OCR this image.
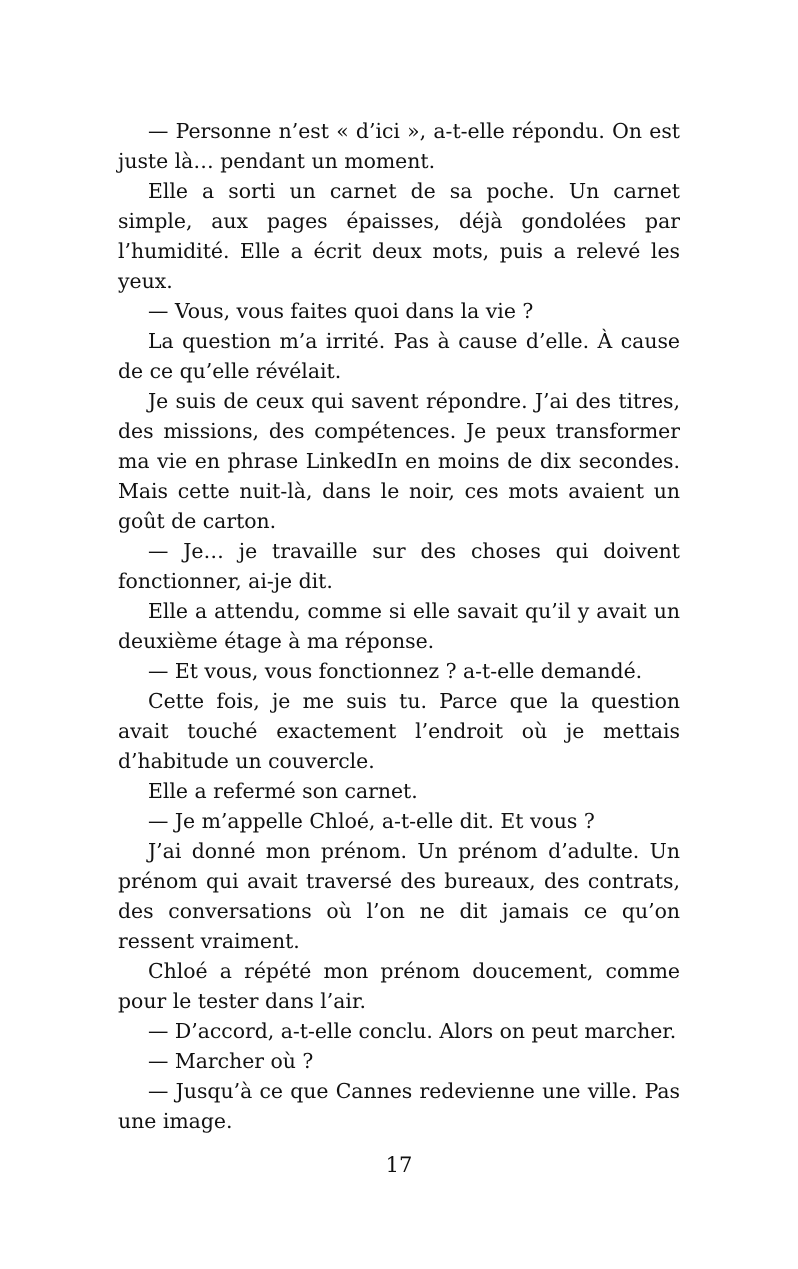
— Personne n’est « d’ici », a-t-elle répondu. On est juste là… pendant un moment.

Elle a sorti un carnet de sa poche. Un carnet simple, aux pages épaisses, déjà gondolées par l’humidité. Elle a écrit deux mots, puis a relevé les yeux.

— Vous, vous faites quoi dans la vie ?

La question m’a irrité. Pas à cause d’elle. À cause de ce qu’elle révélait.

Je suis de ceux qui savent répondre. J’ai des titres, des missions, des compétences. Je peux transformer ma vie en phrase LinkedIn en moins de dix secondes. Mais cette nuit-là, dans le noir, ces mots avaient un goût de carton.

— Je… je travaille sur des choses qui doivent fonctionner, ai-je dit.

Elle a attendu, comme si elle savait qu’il y avait un deuxième étage à ma réponse.

— Et vous, vous fonctionnez ? a-t-elle demandé.

Cette fois, je me suis tu. Parce que la question avait touché exactement l’endroit où je mettais d’habitude un couvercle.

Elle a refermé son carnet.

— Je m’appelle Chloé, a-t-elle dit. Et vous ?

J’ai donné mon prénom. Un prénom d’adulte. Un prénom qui avait traversé des bureaux, des contrats, des conversations où l’on ne dit jamais ce qu’on ressent vraiment.

Chloé a répété mon prénom doucement, comme pour le tester dans l’air.

— D’accord, a-t-elle conclu. Alors on peut marcher.

— Marcher où ?

— Jusqu’à ce que Cannes redevienne une ville. Pas une image.

17
